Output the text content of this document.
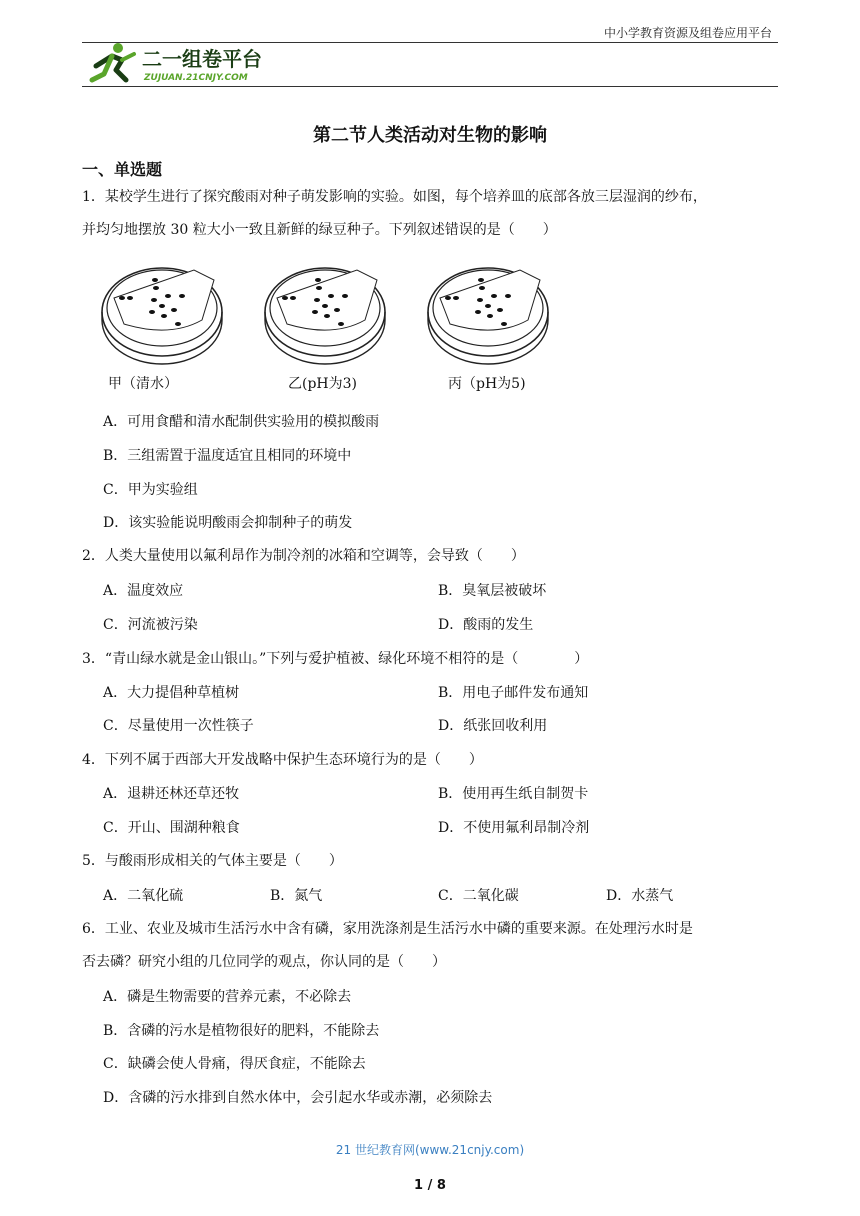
中小学教育资源及组卷应用平台
二一组卷平台
ZUJUAN.21CNJY.COM
第二节人类活动对生物的影响
一、单选题
1．某校学生进行了探究酸雨对种子萌发影响的实验。如图，每个培养皿的底部各放三层湿润的纱布，
并均匀地摆放 30 粒大小一致且新鲜的绿豆种子。下列叙述错误的是（　　）
甲（清水）	乙(pH为3)	丙（pH为5)
A．可用食醋和清水配制供实验用的模拟酸雨
B．三组需置于温度适宜且相同的环境中
C．甲为实验组
D．该实验能说明酸雨会抑制种子的萌发
2．人类大量使用以氟利昂作为制冷剂的冰箱和空调等，会导致（　　）
A．温度效应	B．臭氧层被破坏
C．河流被污染	D．酸雨的发生
3．“青山绿水就是金山银山。”下列与爱护植被、绿化环境不相符的是（　　　　）
A．大力提倡种草植树	B．用电子邮件发布通知
C．尽量使用一次性筷子	D．纸张回收利用
4．下列不属于西部大开发战略中保护生态环境行为的是（　　）
A．退耕还林还草还牧	B．使用再生纸自制贺卡
C．开山、围湖种粮食	D．不使用氟利昂制冷剂
5．与酸雨形成相关的气体主要是（　　）
A．二氧化硫	B．氮气	C．二氧化碳	D．水蒸气
6．工业、农业及城市生活污水中含有磷，家用洗涤剂是生活污水中磷的重要来源。在处理污水时是
否去磷？研究小组的几位同学的观点，你认同的是（　　）
A．磷是生物需要的营养元素，不必除去
B．含磷的污水是植物很好的肥料，不能除去
C．缺磷会使人骨痛，得厌食症，不能除去
D．含磷的污水排到自然水体中，会引起水华或赤潮，必须除去
21 世纪教育网(www.21cnjy.com)
1 / 8
